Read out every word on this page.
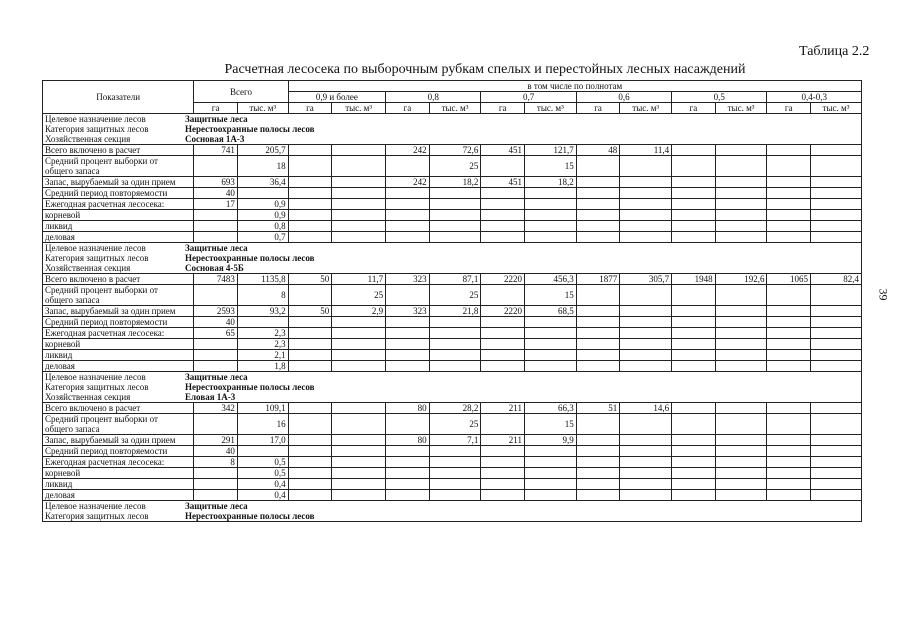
Таблица 2.2
Расчетная лесосека по выборочным рубкам спелых и перестойных лесных насаждений
39
Показатели	Всего		в том числе по полнотам											
			0,9 и более		0,8		0,7		0,6		0,5		0,4-0,3	
	га	тыс. м³	га	тыс. м³	га	тыс. м³	га	тыс. м³	га	тыс. м³	га	тыс. м³	га	тыс. м³
Целевое назначение лесов Защитные леса														
Категория защитных лесов Нерестоохранные полосы лесов														
Хозяйственная секция Сосновая 1А-3														
Всего включено в расчет	741	205,7			242	72,6	451	121,7	48	11,4				

Средний процент выборки от
общего запаса		18				25		15						
Запас, вырубаемый за один прием	693	36,4			242	18,2	451	18,2						
Средний период повторяемости	40													
Ежегодная расчетная лесосека:	17	0,9												
корневой		0,9												
ликвид		0,8												
деловая		0,7												
Целевое назначение лесов Защитные леса														
Категория защитных лесов Нерестоохранные полосы лесов														
Хозяйственная секция Сосновая 4-5Б														
Всего включено в расчет	7483	1135,8	50	11,7	323	87,1	2220	456,3	1877	305,7	1948	192,6	1065	82,4

Средний процент выборки от
общего запаса		8		25		25		15						
Запас, вырубаемый за один прием	2593	93,2	50	2,9	323	21,8	2220	68,5						
Средний период повторяемости	40													
Ежегодная расчетная лесосека:	65	2,3												
корневой		2,3												
ликвид		2,1												
деловая		1,8												
Целевое назначение лесов Защитные леса														
Категория защитных лесов Нерестоохранные полосы лесов														
Хозяйственная секция Еловая 1А-3														
Всего включено в расчет	342	109,1			80	28,2	211	66,3	51	14,6				

Средний процент выборки от
общего запаса		16				25		15						
Запас, вырубаемый за один прием	291	17,0			80	7,1	211	9,9						
Средний период повторяемости	40													
Ежегодная расчетная лесосека:	8	0,5												
корневой		0,5												
ликвид		0,4												
деловая		0,4												
Целевое назначение лесов Защитные леса														
Категория защитных лесов Нерестоохранные полосы лесов														
